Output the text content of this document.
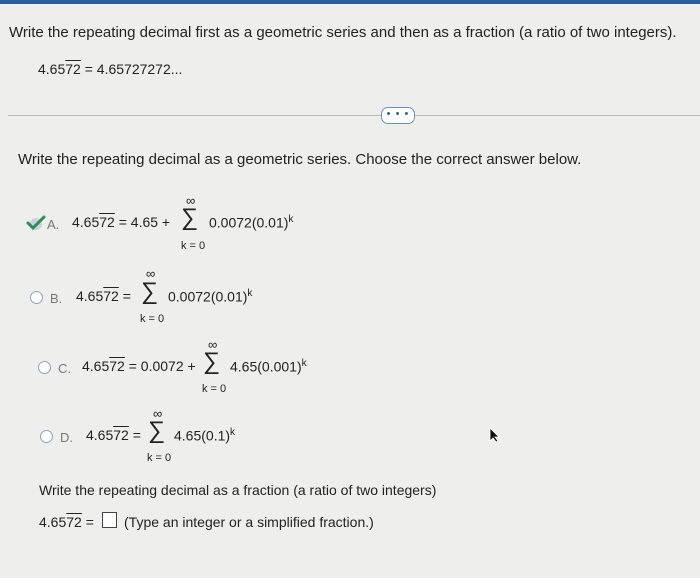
Write the repeating decimal first as a geometric series and then as a fraction (a ratio of two integers).
4.6572 = 4.65727272...
• • •
Write the repeating decimal as a geometric series. Choose the correct answer below.
A. 4.6572 = 4.65 +
∞
∑
k = 0
$0.0072(0.01)^k$
B. 4.6572 =
∞
∑
k = 0
$0.0072(0.01)^k$
C. 4.6572 = 0.0072 +
∞
∑
k = 0
$4.65(0.001)^k$
D. 4.6572 =
∞
∑
k = 0
$4.65(0.1)^k$
Write the repeating decimal as a fraction (a ratio of two integers)
4.6572 = (Type an integer or a simplified fraction.)
